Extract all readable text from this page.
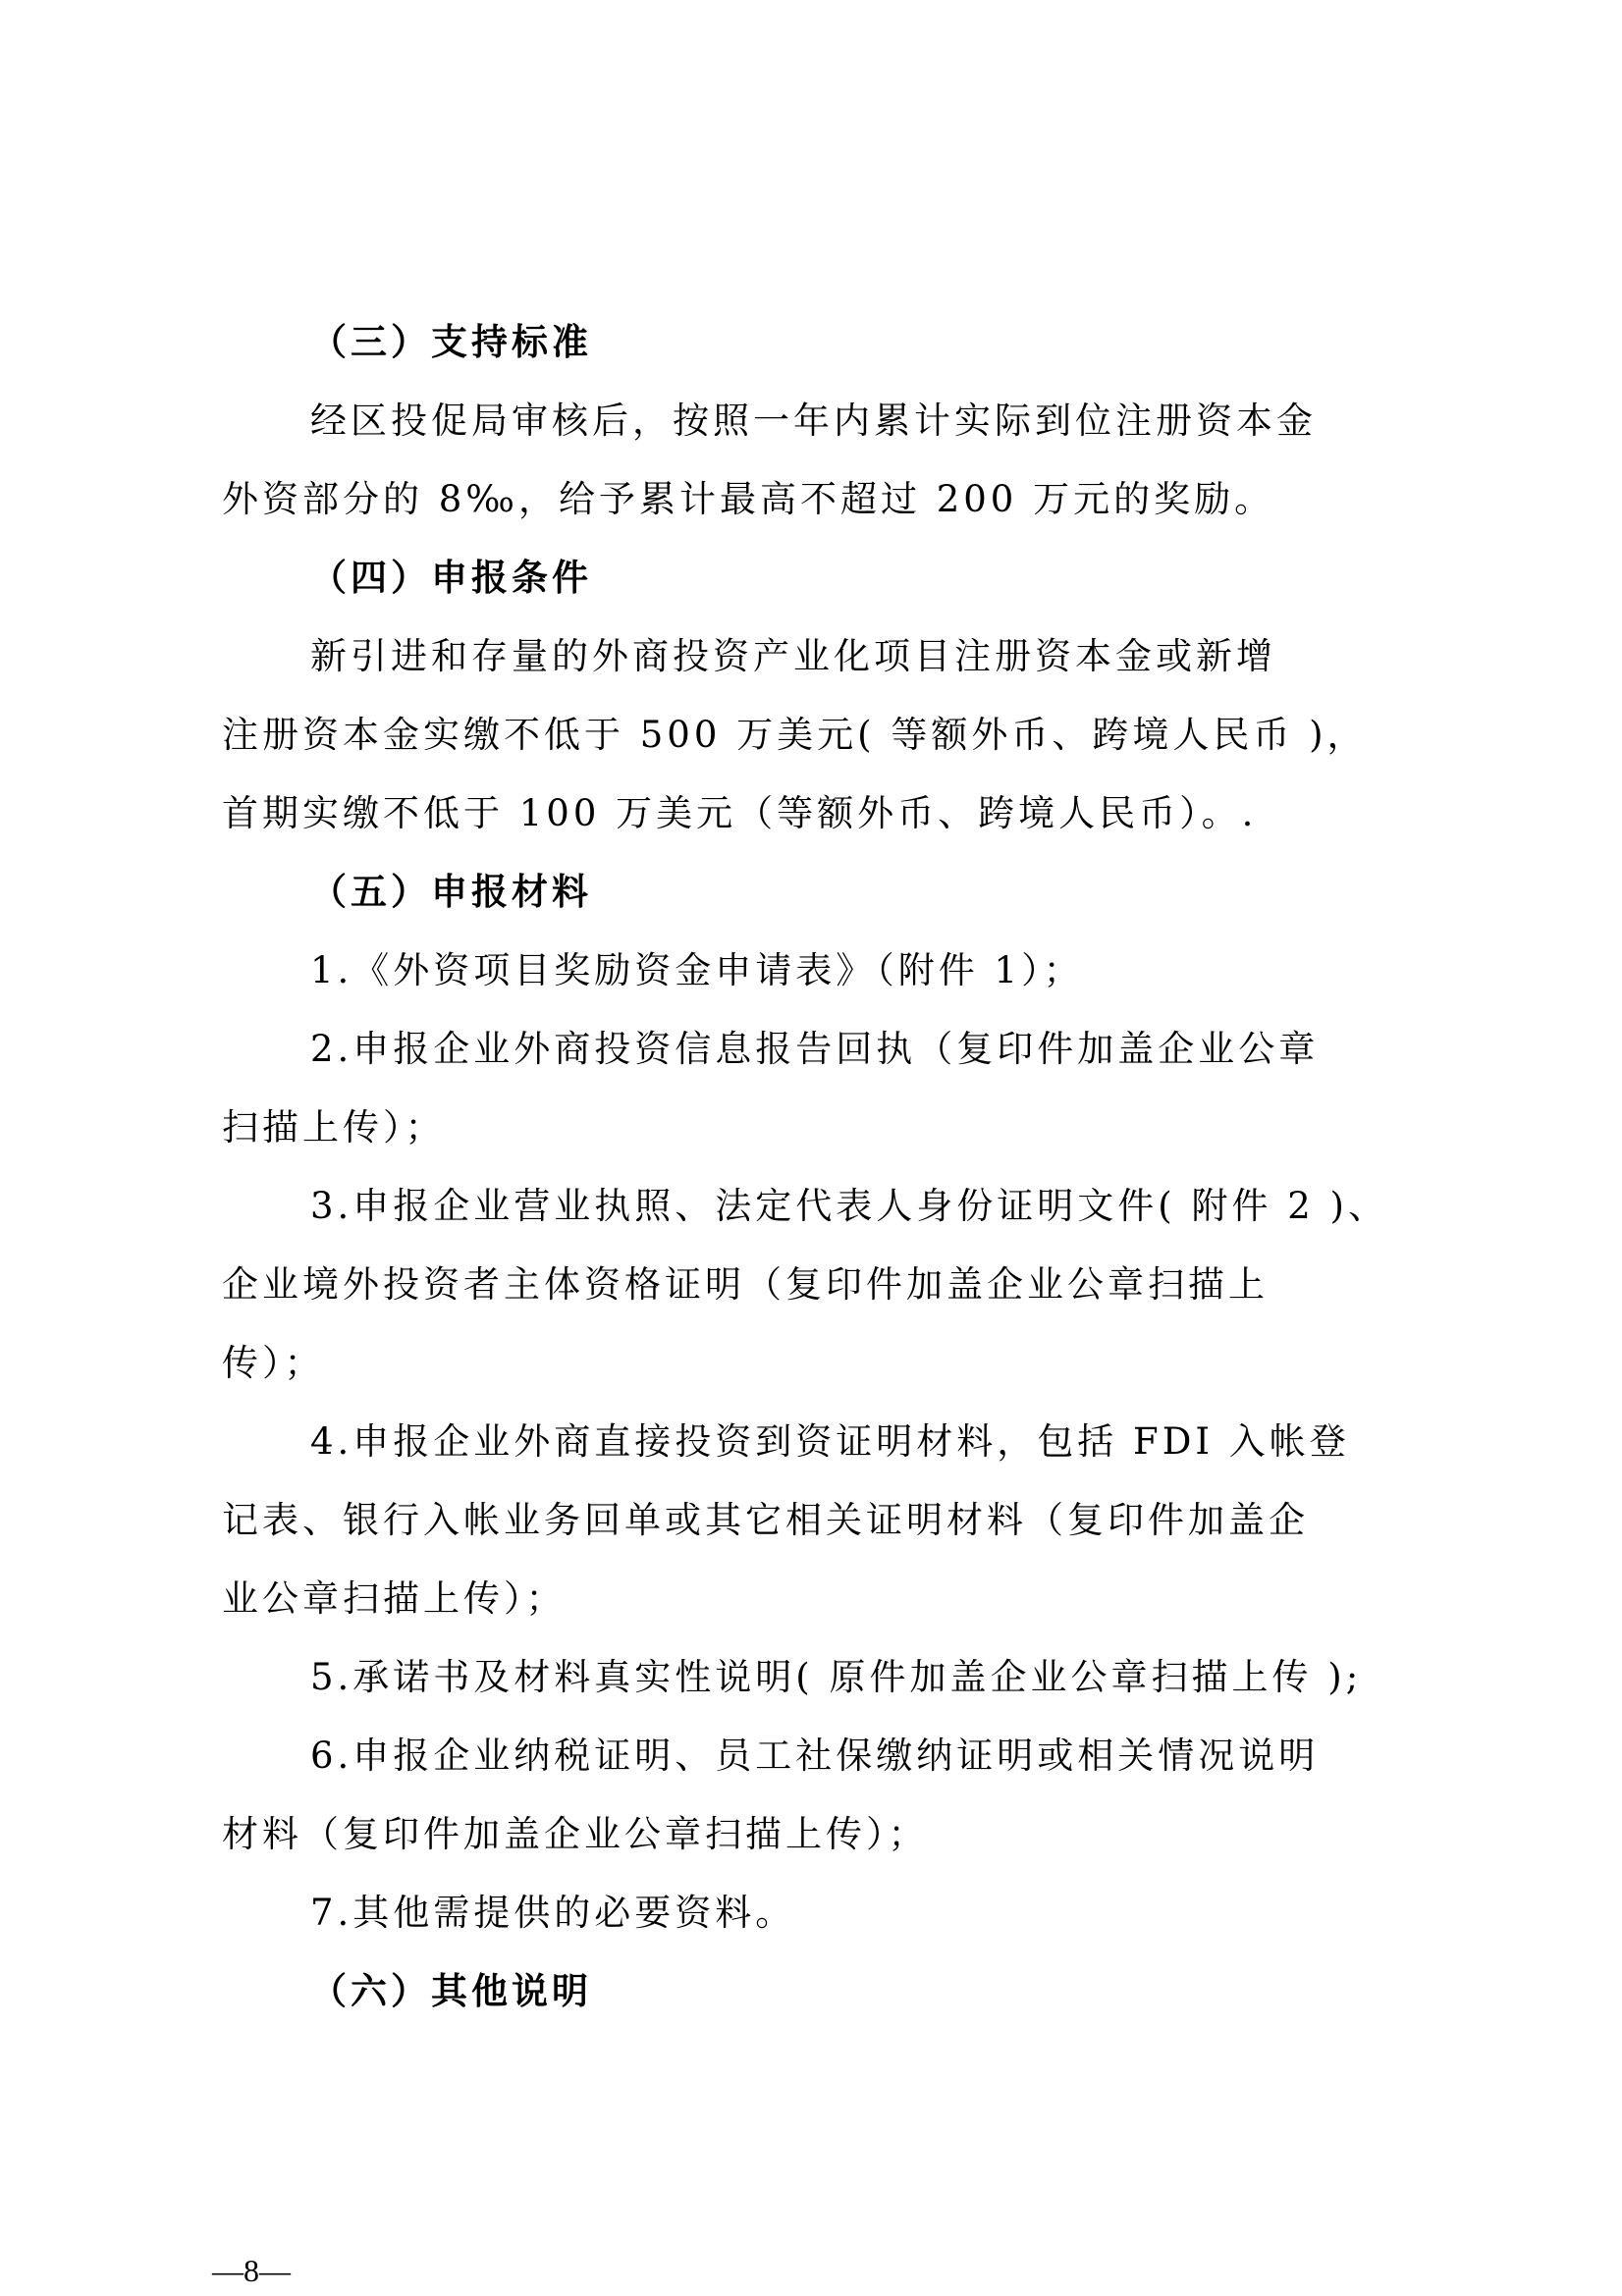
（三）支持标准
经区投促局审核后，按照一年内累计实际到位注册资本金
外资部分的 8‰，给予累计最高不超过 200 万元的奖励。
（四）申报条件
新引进和存量的外商投资产业化项目注册资本金或新增
注册资本金实缴不低于 500 万美元( 等额外币、跨境人民币 )，
首期实缴不低于 100 万美元（等额外币、跨境人民币）。.
（五）申报材料
1.《外资项目奖励资金申请表》（附件 1）；
2.申报企业外商投资信息报告回执（复印件加盖企业公章
扫描上传）；
3.申报企业营业执照、法定代表人身份证明文件( 附件 2 )、
企业境外投资者主体资格证明（复印件加盖企业公章扫描上
传）；
4.申报企业外商直接投资到资证明材料，包括 FDI 入帐登
记表、银行入帐业务回单或其它相关证明材料（复印件加盖企
业公章扫描上传）；
5.承诺书及材料真实性说明( 原件加盖企业公章扫描上传 );
6.申报企业纳税证明、员工社保缴纳证明或相关情况说明
材料（复印件加盖企业公章扫描上传）；
7.其他需提供的必要资料。
（六）其他说明
—8—
